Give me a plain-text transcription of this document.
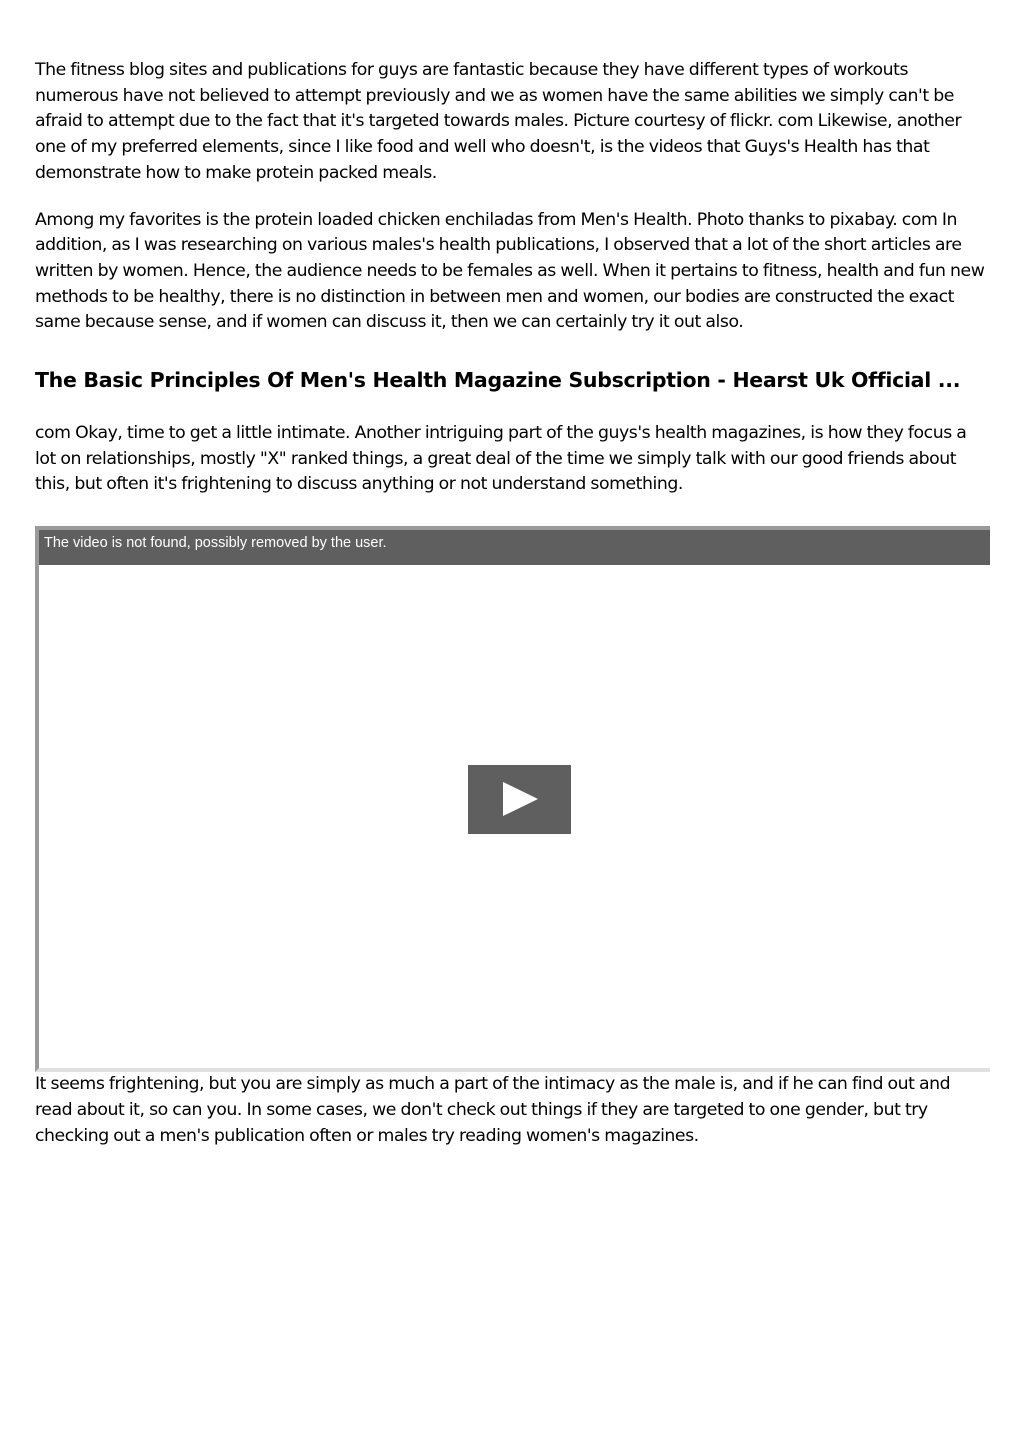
The fitness blog sites and publications for guys are fantastic because they have different types of workouts numerous have not believed to attempt previously and we as women have the same abilities we simply can't be afraid to attempt due to the fact that it's targeted towards males. Picture courtesy of flickr. com Likewise, another one of my preferred elements, since I like food and well who doesn't, is the videos that Guys's Health has that demonstrate how to make protein packed meals.

Among my favorites is the protein loaded chicken enchiladas from Men's Health. Photo thanks to pixabay. com In addition, as I was researching on various males's health publications, I observed that a lot of the short articles are written by women. Hence, the audience needs to be females as well. When it pertains to fitness, health and fun new methods to be healthy, there is no distinction in between men and women, our bodies are constructed the exact same because sense, and if women can discuss it, then we can certainly try it out also.

The Basic Principles Of Men's Health Magazine Subscription - Hearst Uk Official ...

com Okay, time to get a little intimate. Another intriguing part of the guys's health magazines, is how they focus a lot on relationships, mostly "X" ranked things, a great deal of the time we simply talk with our good friends about this, but often it's frightening to discuss anything or not understand something.

The video is not found, possibly removed by the user.

It seems frightening, but you are simply as much a part of the intimacy as the male is, and if he can find out and read about it, so can you. In some cases, we don't check out things if they are targeted to one gender, but try checking out a men's publication often or males try reading women's magazines.
